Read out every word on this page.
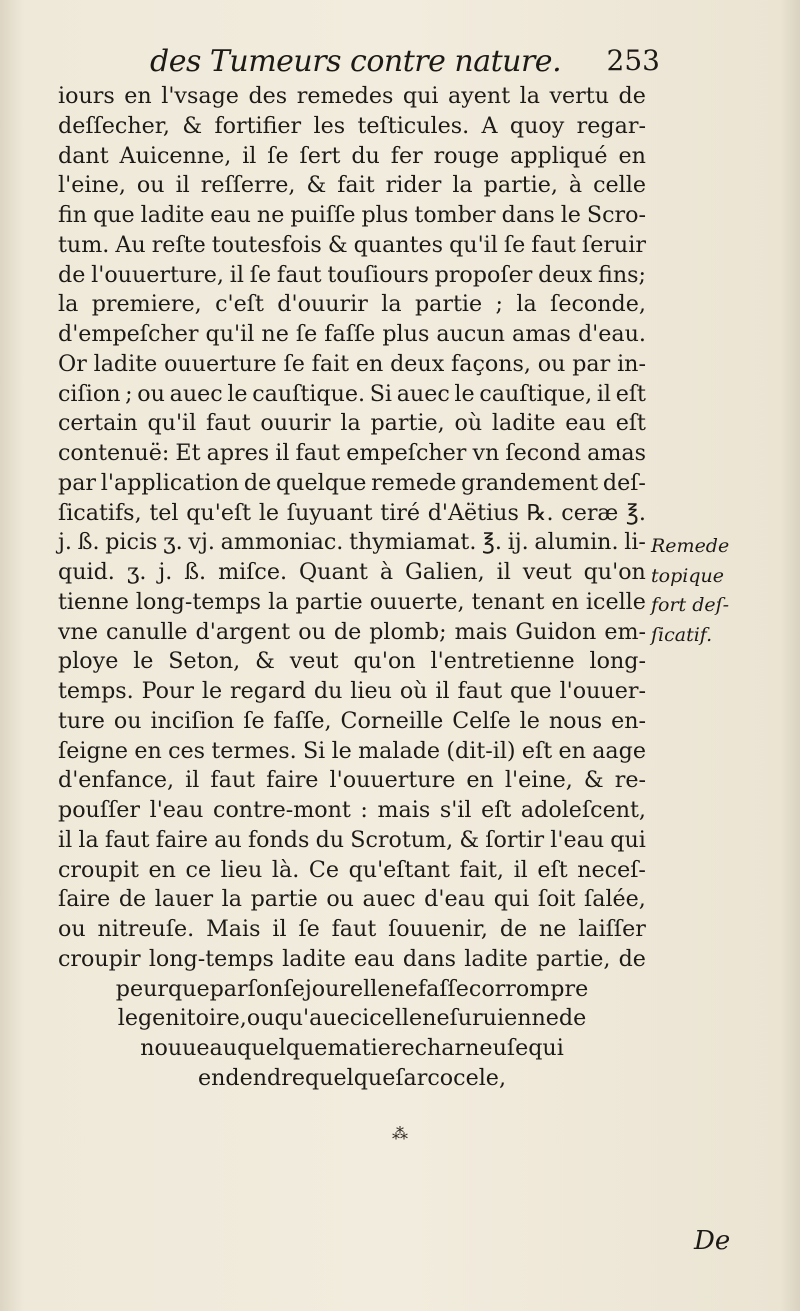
des Tumeurs contre nature. 253
iours en l'vsage des remedes qui ayent la vertu de
deſſecher, & fortifier les teſticules. A quoy regar-
dant Auicenne, il ſe ſert du fer rouge appliqué en
l'eine, ou il reſſerre, & fait rider la partie, à celle
fin que ladite eau ne puiſſe plus tomber dans le Scro-
tum. Au reſte toutesfois & quantes qu'il ſe faut ſeruir
de l'ouuerture, il ſe faut touſiours propoſer deux fins;
la premiere, c'eſt d'ouurir la partie ; la ſeconde,
d'empeſcher qu'il ne ſe faſſe plus aucun amas d'eau.
Or ladite ouuerture ſe fait en deux façons, ou par in-
ciſion ; ou auec le cauſtique. Si auec le cauſtique, il eſt
certain qu'il faut ouurir la partie, où ladite eau eſt
contenuë: Et apres il faut empeſcher vn ſecond amas
par l'application de quelque remede grandement deſ-
ſicatifs, tel qu'eſt le ſuyuant tiré d'Aëtius ℞. ceræ ℥.
j. ß. picis ʒ. vj. ammoniac. thymiamat. ℥. ij. alumin. li-
quid. ʒ. j. ß. miſce. Quant à Galien, il veut qu'on
tienne long-temps la partie ouuerte, tenant en icelle
vne canulle d'argent ou de plomb; mais Guidon em-
ploye le Seton, & veut qu'on l'entretienne long-
temps. Pour le regard du lieu où il faut que l'ouuer-
ture ou inciſion ſe faſſe, Corneille Celſe le nous en-
ſeigne en ces termes. Si le malade (dit-il) eſt en aage
d'enfance, il faut faire l'ouuerture en l'eine, & re-
pouſſer l'eau contre-mont : mais s'il eſt adoleſcent,
il la faut faire au fonds du Scrotum, & ſortir l'eau qui
croupit en ce lieu là. Ce qu'eſtant fait, il eſt neceſ-
ſaire de lauer la partie ou auec d'eau qui ſoit ſalée,
ou nitreuſe. Mais il ſe faut ſouuenir, de ne laiſſer
croupir long-temps ladite eau dans ladite partie, de
peur que par ſon ſejour elle ne faſſe corrompre
le genitoire, ou qu'auec icelle ne ſuruienne de
nouueau quelque matiere charneuſe qui
endendre quelque ſarcocele,
⁂
Remede
topique
fort deſ-
ſicatif.
De
